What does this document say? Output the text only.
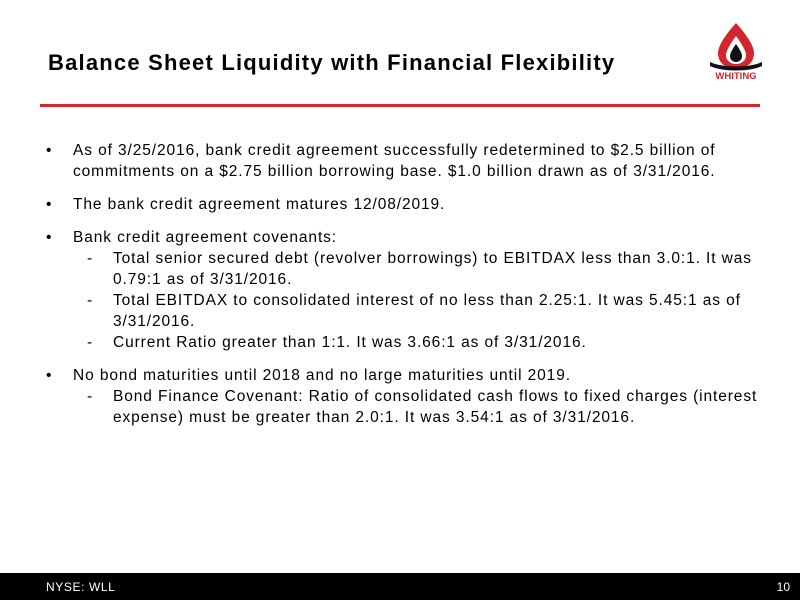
Balance Sheet Liquidity with Financial Flexibility
WHITING
• As of 3/25/2016, bank credit agreement successfully redetermined to $2.5 billion of commitments on a $2.75 billion borrowing base. $1.0 billion drawn as of 3/31/2016.
• The bank credit agreement matures 12/08/2019.
• Bank credit agreement covenants:
- Total senior secured debt (revolver borrowings) to EBITDAX less than 3.0:1. It was 0.79:1 as of 3/31/2016.
- Total EBITDAX to consolidated interest of no less than 2.25:1. It was 5.45:1 as of 3/31/2016.
- Current Ratio greater than 1:1. It was 3.66:1 as of 3/31/2016.
• No bond maturities until 2018 and no large maturities until 2019.
- Bond Finance Covenant: Ratio of consolidated cash flows to fixed charges (interest expense) must be greater than 2.0:1. It was 3.54:1 as of 3/31/2016.
NYSE: WLL	10
